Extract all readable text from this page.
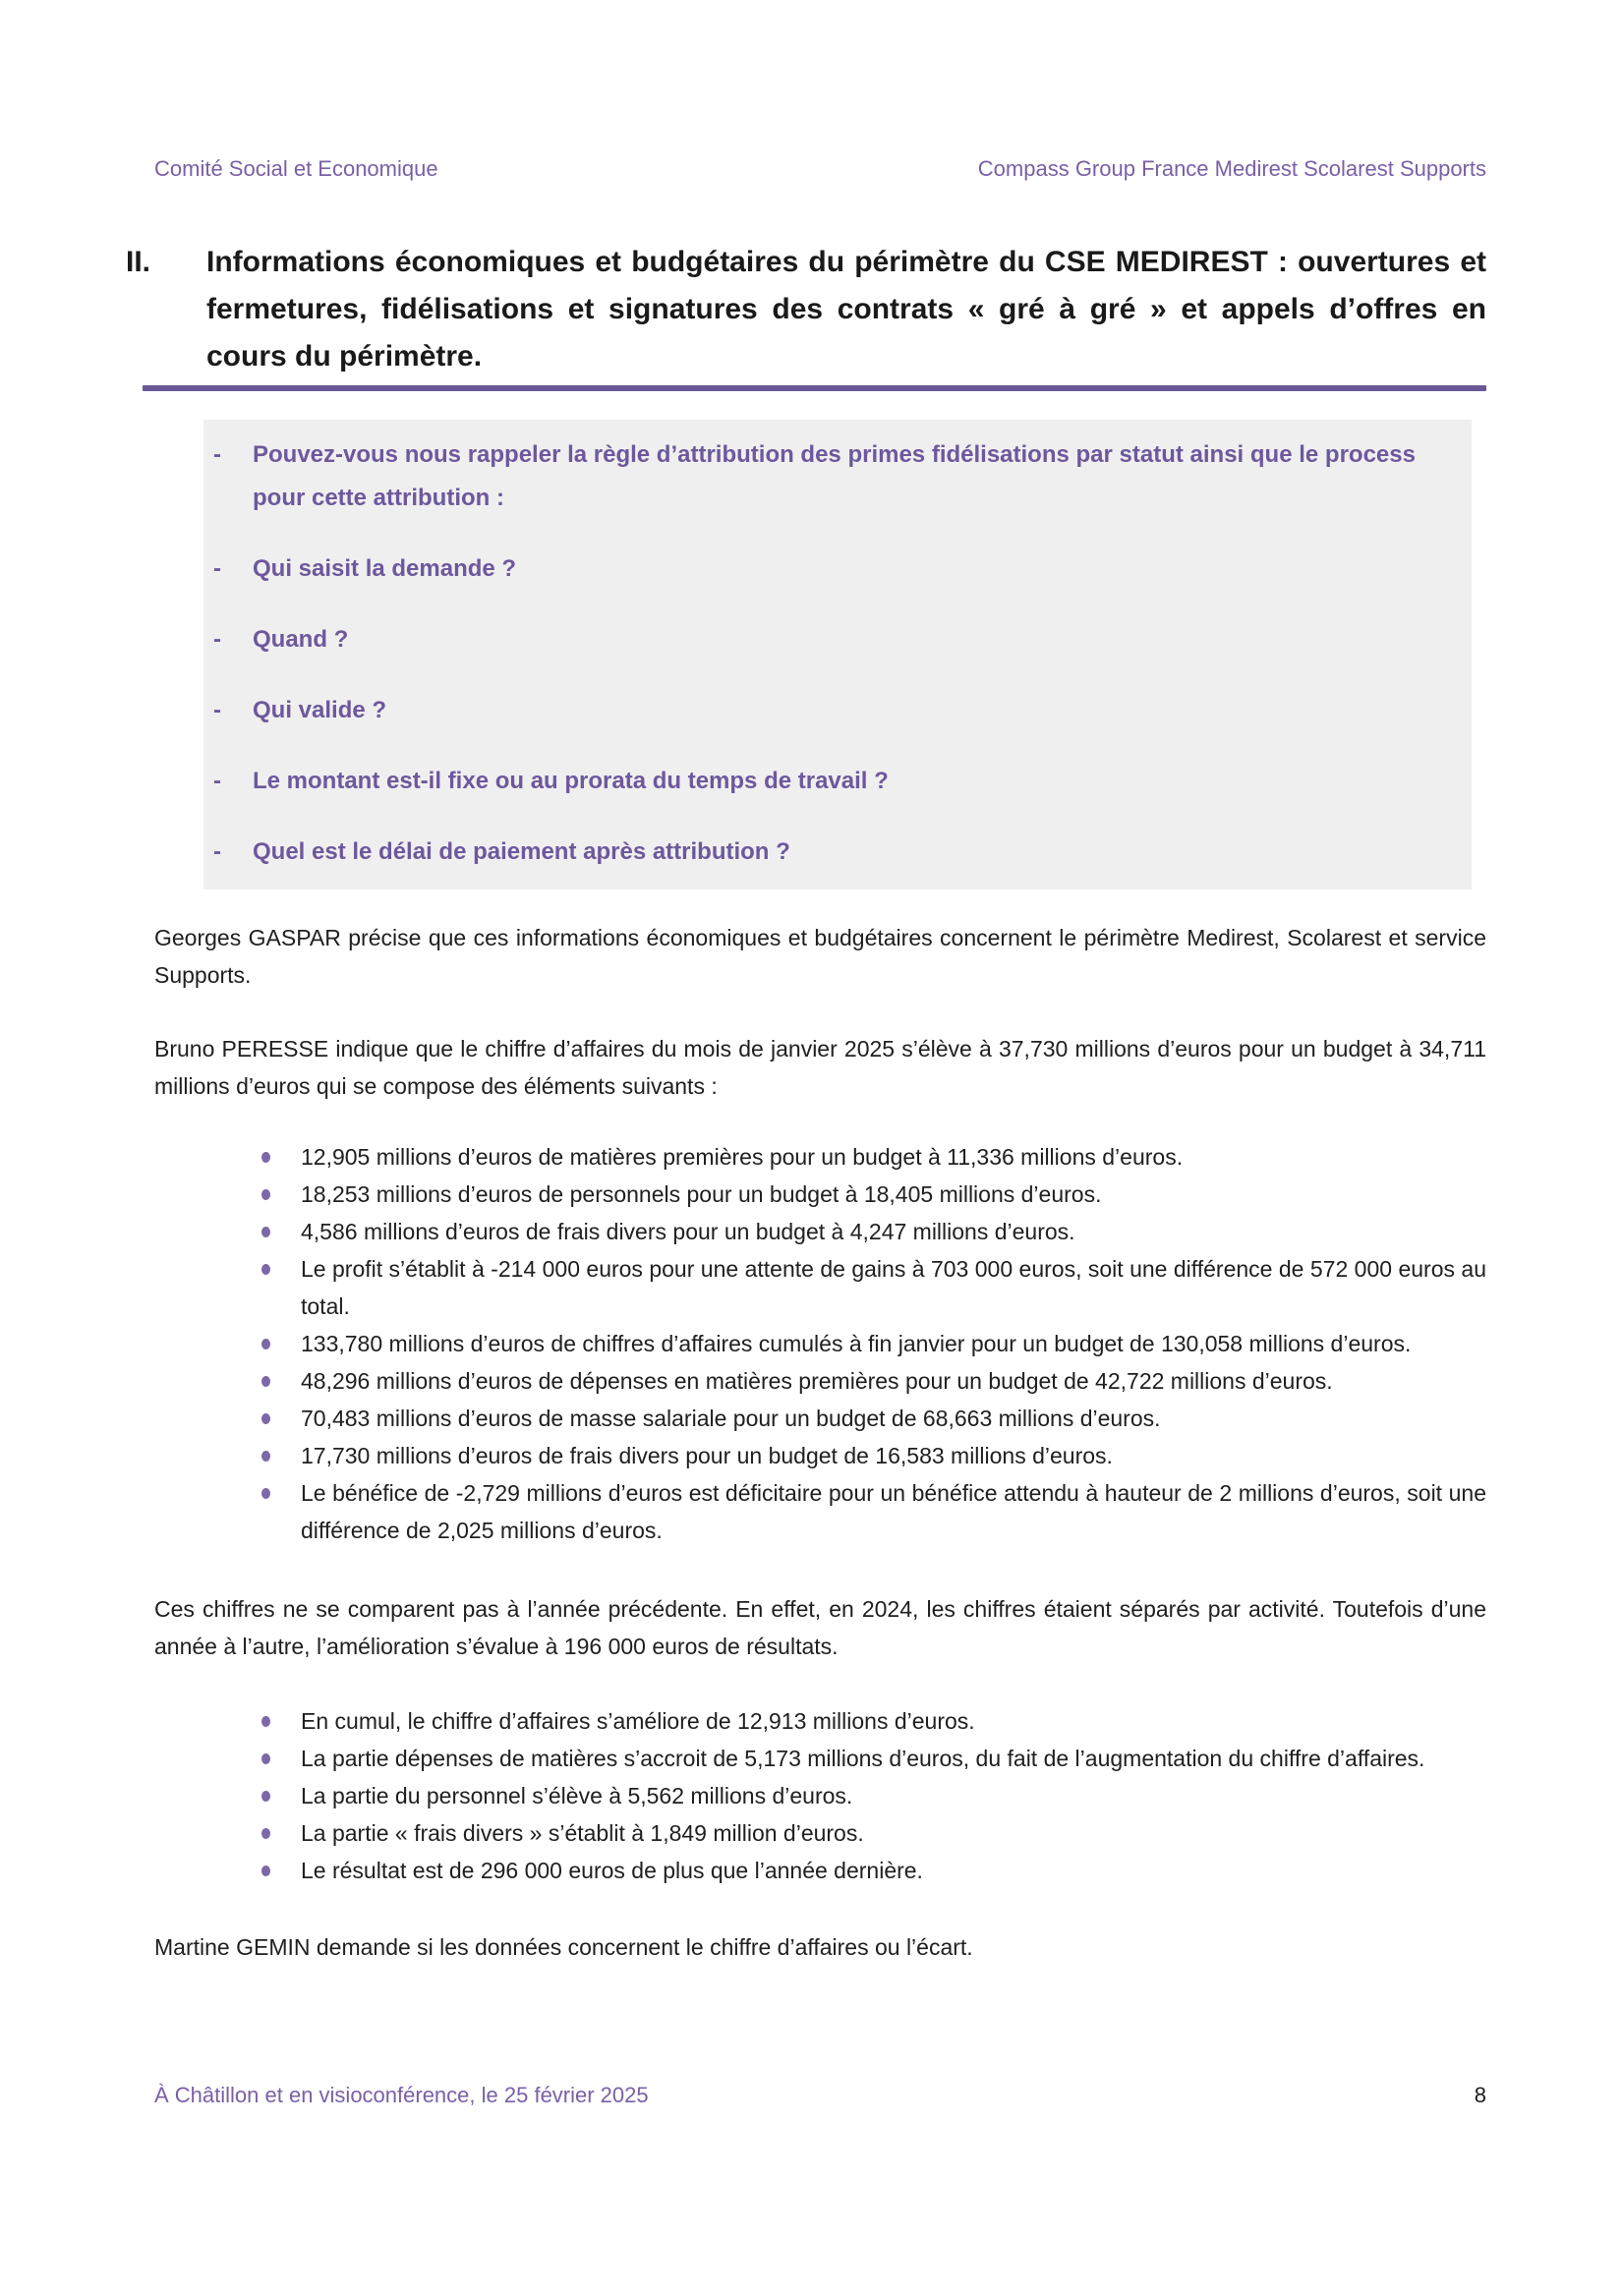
Comité Social et Economique	Compass Group France Medirest Scolarest Supports
II.	Informations économiques et budgétaires du périmètre du CSE MEDIREST : ouvertures et fermetures, fidélisations et signatures des contrats « gré à gré » et appels d’offres en cours du périmètre.
-	Pouvez-vous nous rappeler la règle d’attribution des primes fidélisations par statut ainsi que le process pour cette attribution :
-	Qui saisit la demande ?
-	Quand ?
-	Qui valide ?
-	Le montant est-il fixe ou au prorata du temps de travail ?
-	Quel est le délai de paiement après attribution ?

Georges GASPAR précise que ces informations économiques et budgétaires concernent le périmètre Medirest, Scolarest et service Supports.

Bruno PERESSE indique que le chiffre d’affaires du mois de janvier 2025 s’élève à 37,730 millions d’euros pour un budget à 34,711 millions d’euros qui se compose des éléments suivants :

12,905 millions d’euros de matières premières pour un budget à 11,336 millions d’euros.
18,253 millions d’euros de personnels pour un budget à 18,405 millions d’euros.
4,586 millions d’euros de frais divers pour un budget à 4,247 millions d’euros.
Le profit s’établit à -214 000 euros pour une attente de gains à 703 000 euros, soit une différence de 572 000 euros au total.
133,780 millions d’euros de chiffres d’affaires cumulés à fin janvier pour un budget de 130,058 millions d’euros.
48,296 millions d’euros de dépenses en matières premières pour un budget de 42,722 millions d’euros.
70,483 millions d’euros de masse salariale pour un budget de 68,663 millions d’euros.
17,730 millions d’euros de frais divers pour un budget de 16,583 millions d’euros.
Le bénéfice de -2,729 millions d’euros est déficitaire pour un bénéfice attendu à hauteur de 2 millions d’euros, soit une différence de 2,025 millions d’euros.

Ces chiffres ne se comparent pas à l’année précédente. En effet, en 2024, les chiffres étaient séparés par activité. Toutefois d’une année à l’autre, l’amélioration s’évalue à 196 000 euros de résultats.

En cumul, le chiffre d’affaires s’améliore de 12,913 millions d’euros.
La partie dépenses de matières s’accroit de 5,173 millions d’euros, du fait de l’augmentation du chiffre d’affaires.
La partie du personnel s’élève à 5,562 millions d’euros.
La partie « frais divers » s’établit à 1,849 million d’euros.
Le résultat est de 296 000 euros de plus que l’année dernière.

Martine GEMIN demande si les données concernent le chiffre d’affaires ou l’écart.

À Châtillon et en visioconférence, le 25 février 2025	8
